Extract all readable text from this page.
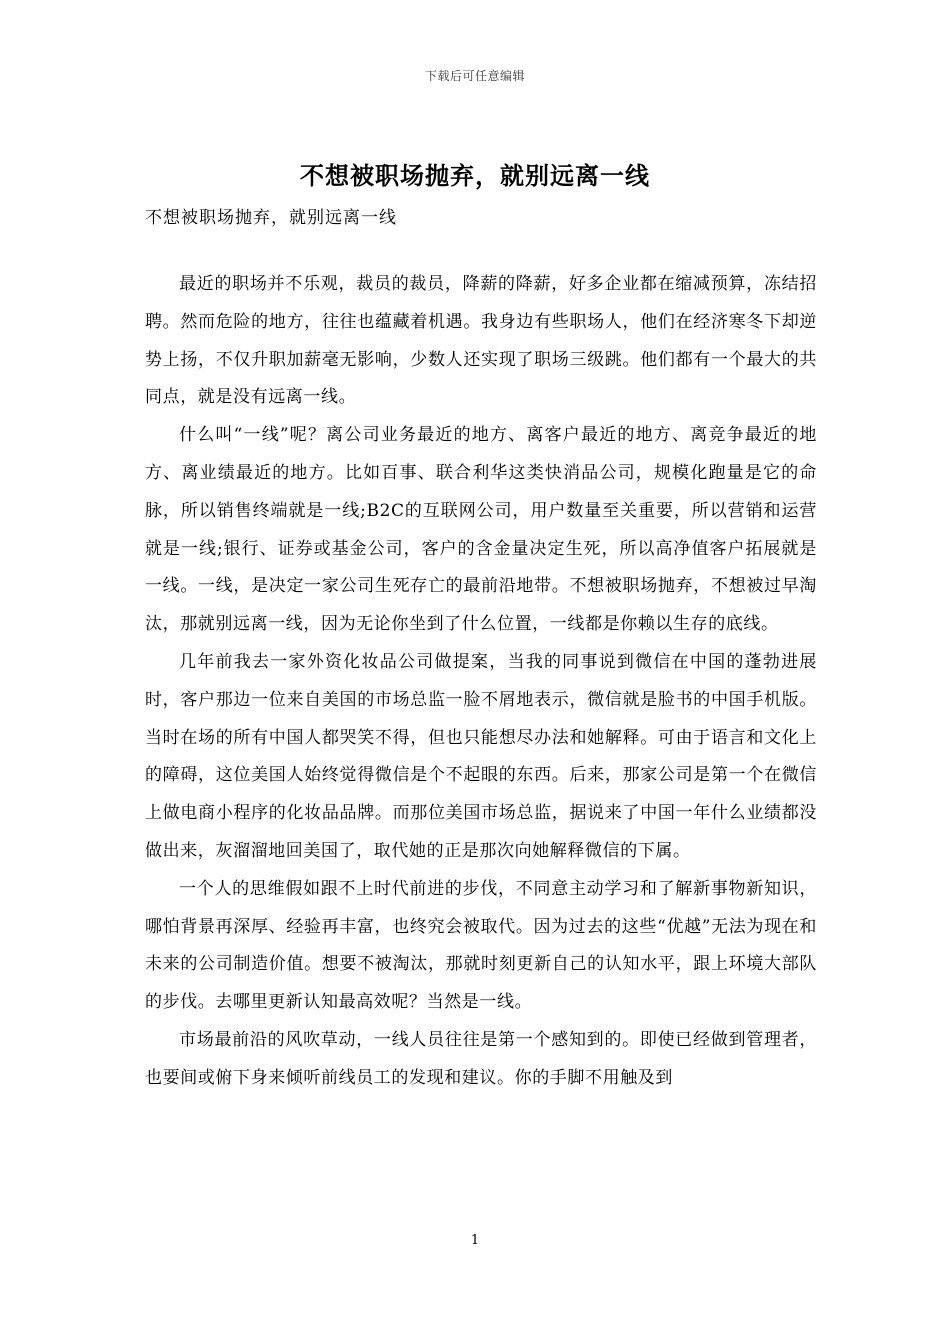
下载后可任意编辑
不想被职场抛弃，就别远离一线
不想被职场抛弃，就别远离一线

最近的职场并不乐观，裁员的裁员，降薪的降薪，好多企业都在缩减预算，冻结招聘。然而危险的地方，往往也蕴藏着机遇。我身边有些职场人，他们在经济寒冬下却逆势上扬，不仅升职加薪毫无影响，少数人还实现了职场三级跳。他们都有一个最大的共同点，就是没有远离一线。

什么叫“一线”呢？离公司业务最近的地方、离客户最近的地方、离竞争最近的地方、离业绩最近的地方。比如百事、联合利华这类快消品公司，规模化跑量是它的命脉，所以销售终端就是一线;B2C的互联网公司，用户数量至关重要，所以营销和运营就是一线;银行、证券或基金公司，客户的含金量决定生死，所以高净值客户拓展就是一线。一线，是决定一家公司生死存亡的最前沿地带。不想被职场抛弃，不想被过早淘汰，那就别远离一线，因为无论你坐到了什么位置，一线都是你赖以生存的底线。

几年前我去一家外资化妆品公司做提案，当我的同事说到微信在中国的蓬勃进展时，客户那边一位来自美国的市场总监一脸不屑地表示，微信就是脸书的中国手机版。当时在场的所有中国人都哭笑不得，但也只能想尽办法和她解释。可由于语言和文化上的障碍，这位美国人始终觉得微信是个不起眼的东西。后来，那家公司是第一个在微信上做电商小程序的化妆品品牌。而那位美国市场总监，据说来了中国一年什么业绩都没做出来，灰溜溜地回美国了，取代她的正是那次向她解释微信的下属。

一个人的思维假如跟不上时代前进的步伐，不同意主动学习和了解新事物新知识，哪怕背景再深厚、经验再丰富，也终究会被取代。因为过去的这些“优越”无法为现在和未来的公司制造价值。想要不被淘汰，那就时刻更新自己的认知水平，跟上环境大部队的步伐。去哪里更新认知最高效呢？当然是一线。

市场最前沿的风吹草动，一线人员往往是第一个感知到的。即使已经做到管理者，也要间或俯下身来倾听前线员工的发现和建议。你的手脚不用触及到

1
